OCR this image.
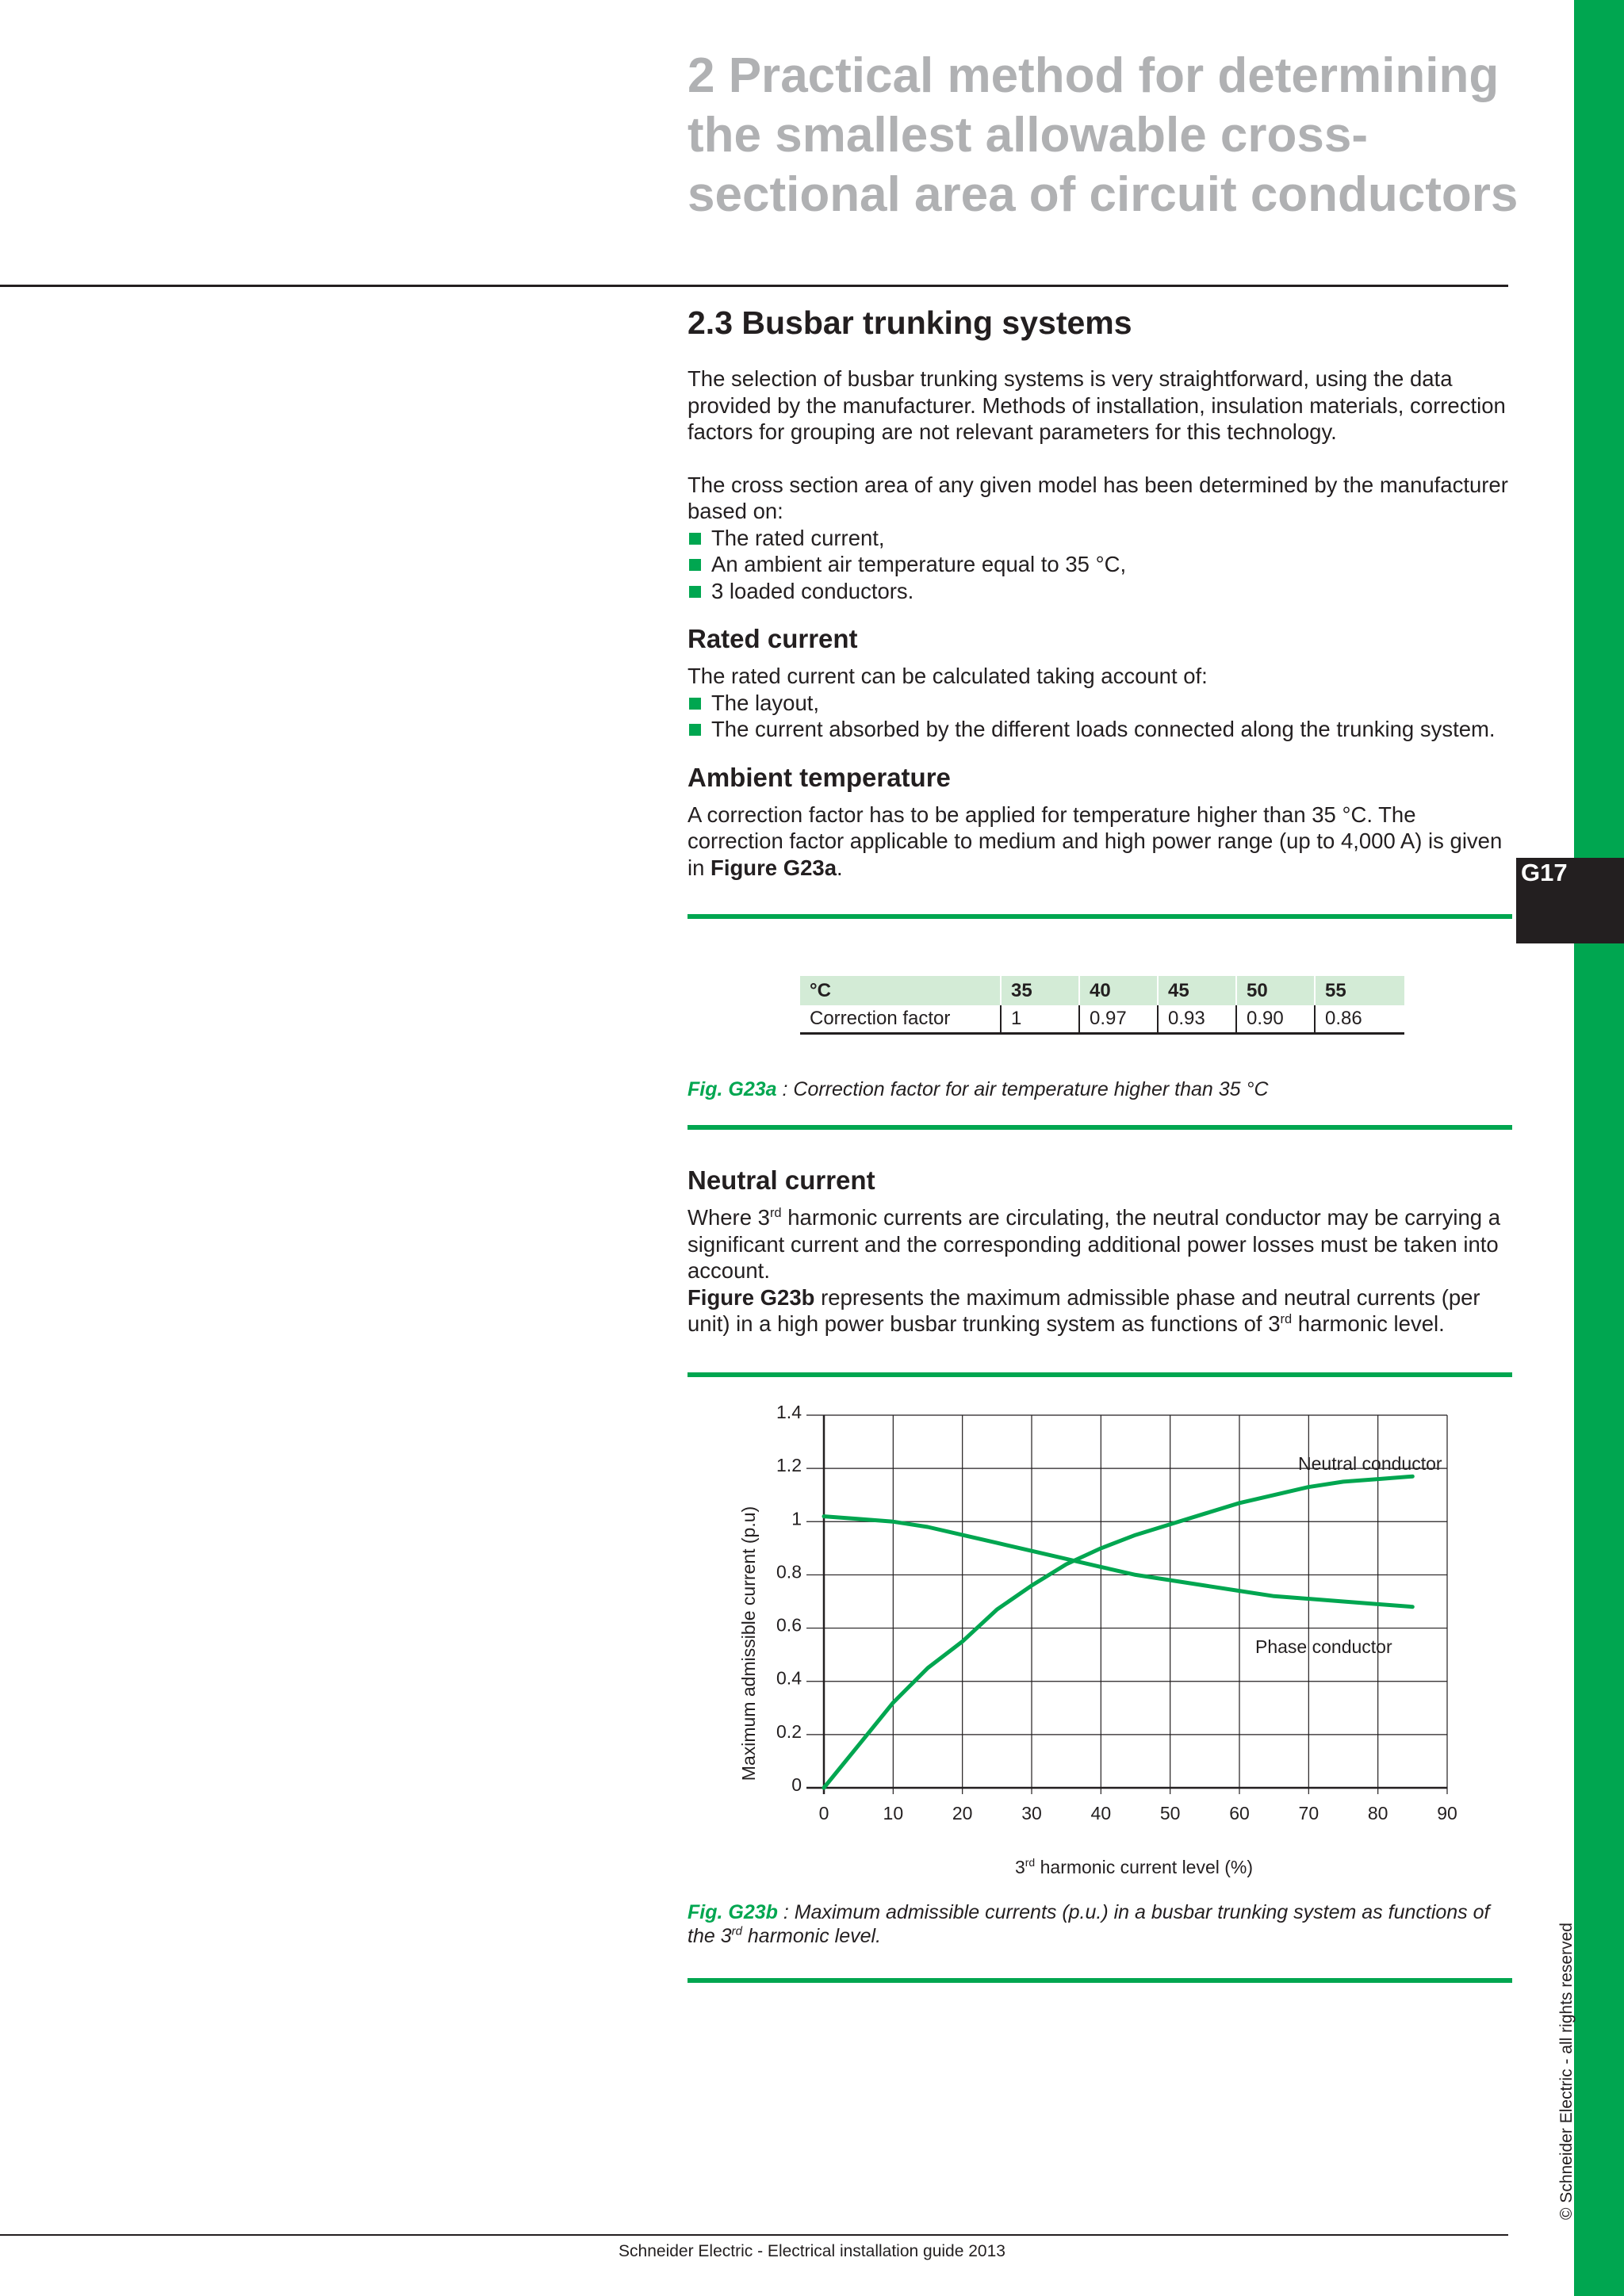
G17
2 Practical method for determining the smallest allowable cross-sectional area of circuit conductors
2.3 Busbar trunking systems

The selection of busbar trunking systems is very straightforward, using the data provided by the manufacturer. Methods of installation, insulation materials, correction factors for grouping are not relevant parameters for this technology.

The cross section area of any given model has been determined by the manufacturer based on:

The rated current,
An ambient air temperature equal to 35 °C,
3 loaded conductors.
Rated current

The rated current can be calculated taking account of:

The layout,
The current absorbed by the different loads connected along the trunking system.
Ambient temperature

A correction factor has to be applied for temperature higher than 35 °C. The correction factor applicable to medium and high power range (up to 4,000 A) is given in Figure G23a.

°C	35	40	45	50	55
Correction factor	1	0.97	0.93	0.90	0.86

Fig. G23a : Correction factor for air temperature higher than 35 °C

Neutral current

Where 3rd harmonic currents are circulating, the neutral conductor may be carrying a significant current and the corresponding additional power losses must be taken into account.

Figure G23b represents the maximum admissible phase and neutral currents (per unit) in a high power busbar trunking system as functions of 3rd harmonic level.

0	10	20	30	40	50	60	70	80	90
0
0.2
0.4
0.6
0.8
1
1.2
1.4
Maximum admissible current (p.u)
3rd harmonic current level (%)
Neutral conductor
Phase conductor

Fig. G23b : Maximum admissible currents (p.u.) in a busbar trunking system as functions of the 3rd harmonic level.

Schneider Electric - Electrical installation guide 2013
© Schneider Electric - all rights reserved
